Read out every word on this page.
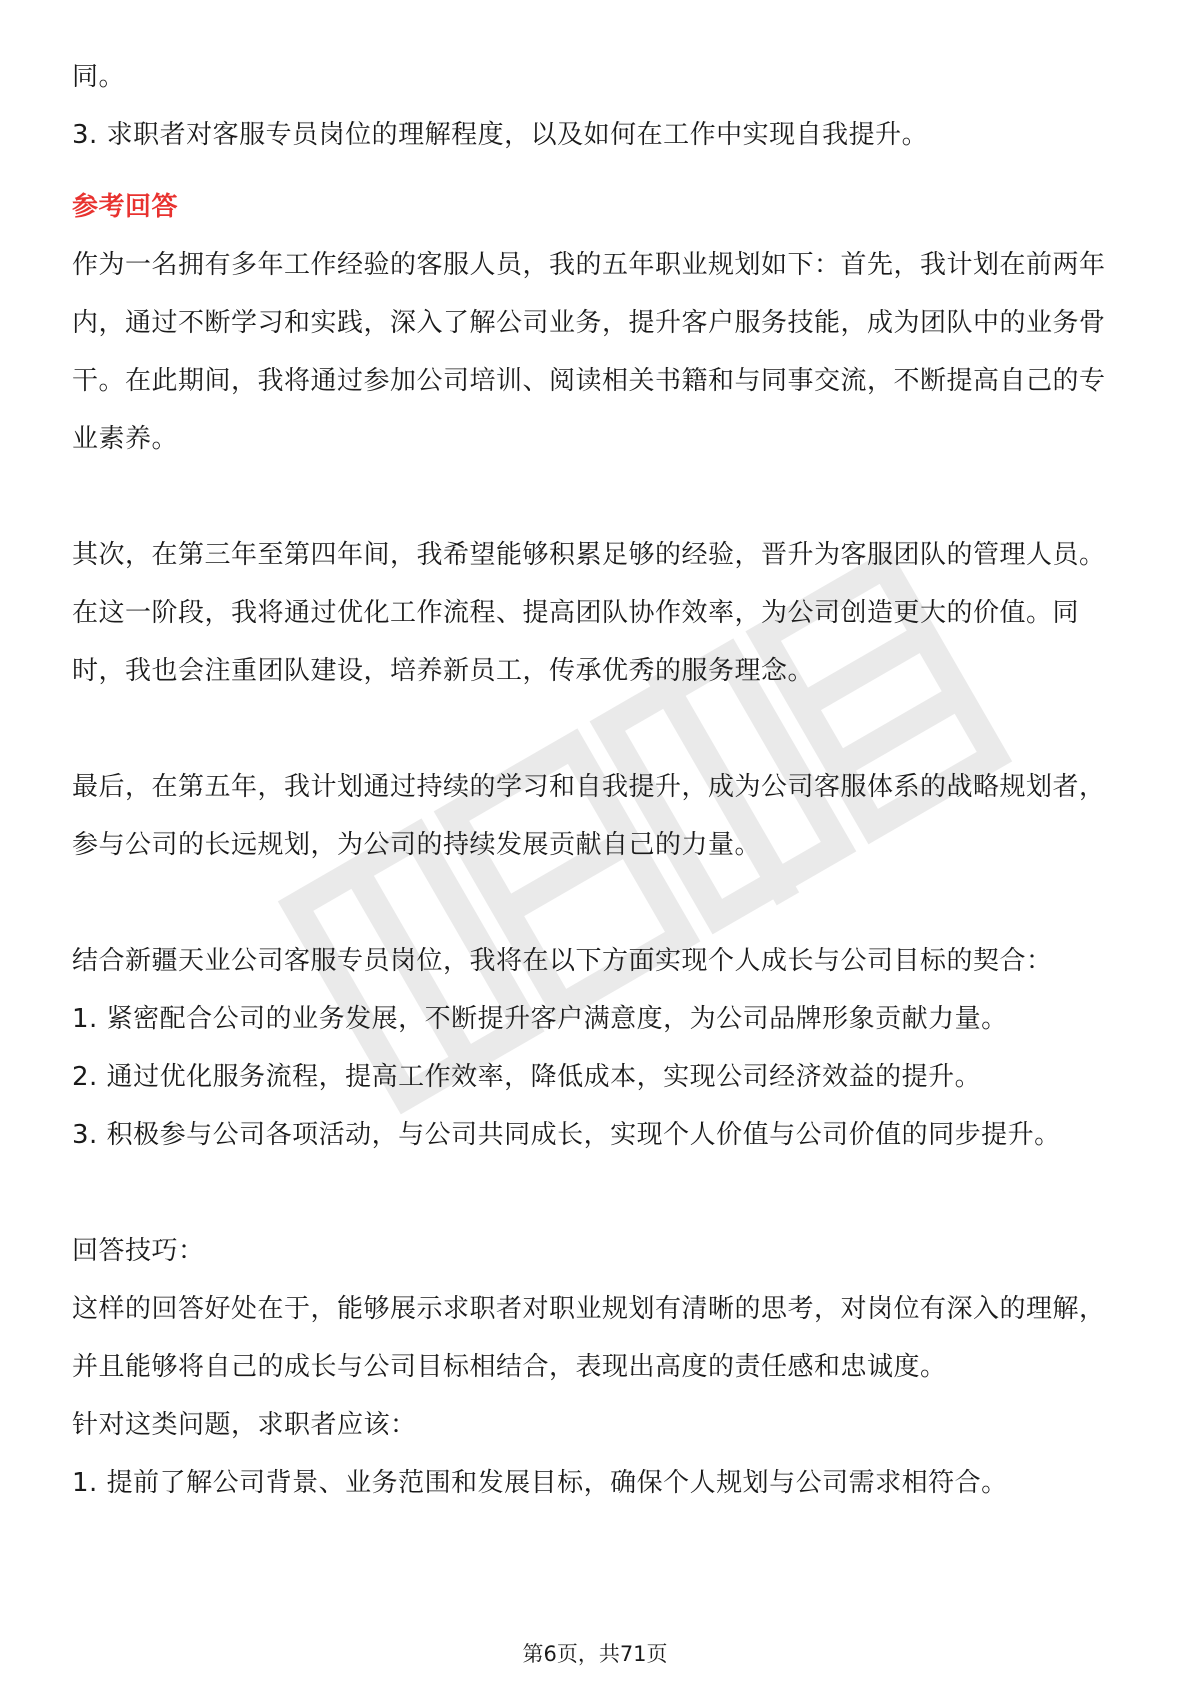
同。

3. 求职者对客服专员岗位的理解程度，以及如何在工作中实现自我提升。

参考回答

作为一名拥有多年工作经验的客服人员，我的五年职业规划如下：首先，我计划在前两年内，通过不断学习和实践，深入了解公司业务，提升客户服务技能，成为团队中的业务骨干。在此期间，我将通过参加公司培训、阅读相关书籍和与同事交流，不断提高自己的专业素养。

其次，在第三年至第四年间，我希望能够积累足够的经验，晋升为客服团队的管理人员。在这一阶段，我将通过优化工作流程、提高团队协作效率，为公司创造更大的价值。同时，我也会注重团队建设，培养新员工，传承优秀的服务理念。

最后，在第五年，我计划通过持续的学习和自我提升，成为公司客服体系的战略规划者，参与公司的长远规划，为公司的持续发展贡献自己的力量。

结合新疆天业公司客服专员岗位，我将在以下方面实现个人成长与公司目标的契合：

1. 紧密配合公司的业务发展，不断提升客户满意度，为公司品牌形象贡献力量。

2. 通过优化服务流程，提高工作效率，降低成本，实现公司经济效益的提升。

3. 积极参与公司各项活动，与公司共同成长，实现个人价值与公司价值的同步提升。

回答技巧：

这样的回答好处在于，能够展示求职者对职业规划有清晰的思考，对岗位有深入的理解，并且能够将自己的成长与公司目标相结合，表现出高度的责任感和忠诚度。

针对这类问题，求职者应该：

1. 提前了解公司背景、业务范围和发展目标，确保个人规划与公司需求相符合。

第6页，共71页
